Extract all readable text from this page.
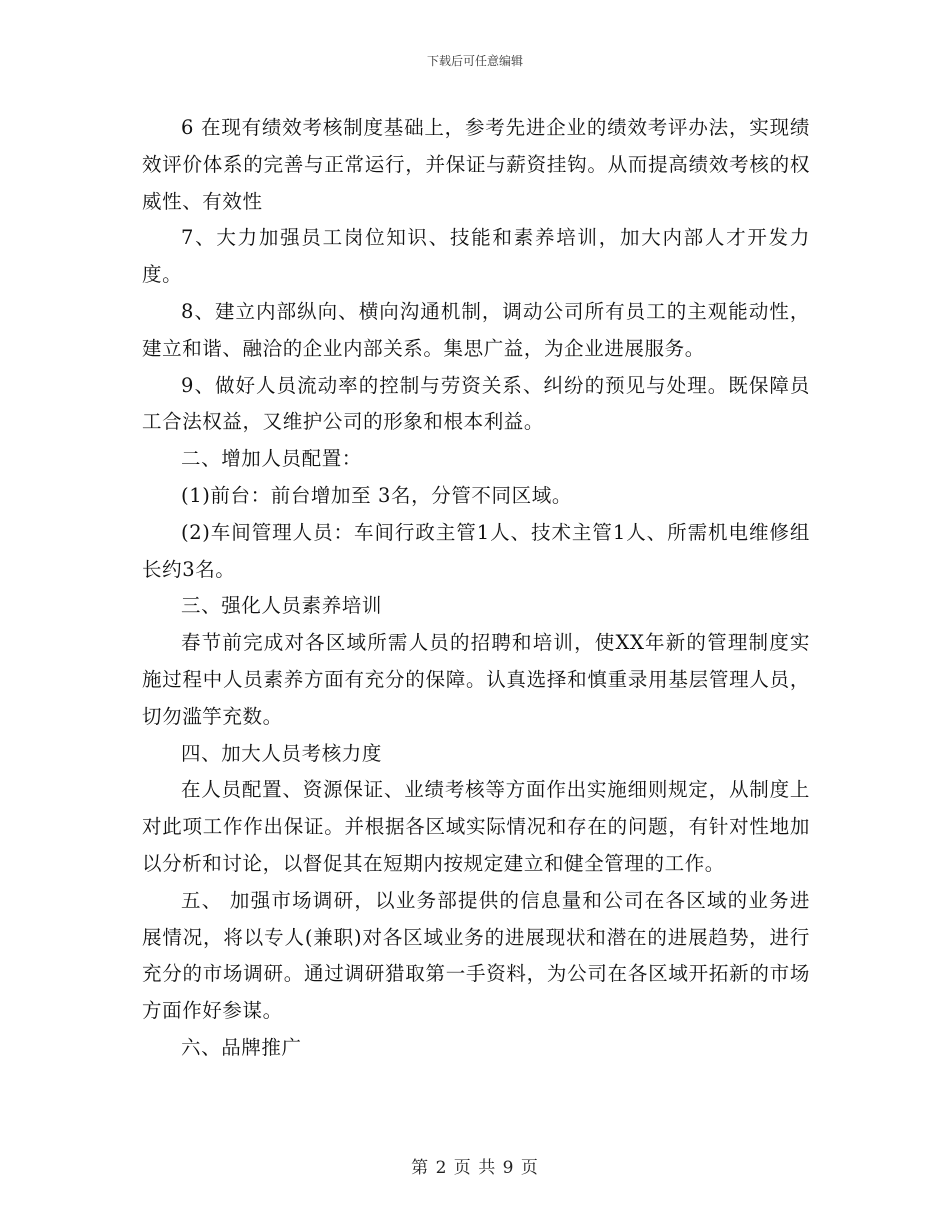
下载后可任意编辑

6 在现有绩效考核制度基础上，参考先进企业的绩效考评办法，实现绩效评价体系的完善与正常运行，并保证与薪资挂钩。从而提高绩效考核的权威性、有效性

7、大力加强员工岗位知识、技能和素养培训，加大内部人才开发力度。

8、建立内部纵向、横向沟通机制，调动公司所有员工的主观能动性，建立和谐、融洽的企业内部关系。集思广益，为企业进展服务。

9、做好人员流动率的控制与劳资关系、纠纷的预见与处理。既保障员工合法权益，又维护公司的形象和根本利益。

二、增加人员配置：

(1)前台：前台增加至 3名，分管不同区域。

(2)车间管理人员：车间行政主管1人、技术主管1人、所需机电维修组长约3名。

三、强化人员素养培训

春节前完成对各区域所需人员的招聘和培训，使XX年新的管理制度实施过程中人员素养方面有充分的保障。认真选择和慎重录用基层管理人员，切勿滥竽充数。

四、加大人员考核力度

在人员配置、资源保证、业绩考核等方面作出实施细则规定，从制度上对此项工作作出保证。并根据各区域实际情况和存在的问题，有针对性地加以分析和讨论，以督促其在短期内按规定建立和健全管理的工作。

五、 加强市场调研，以业务部提供的信息量和公司在各区域的业务进展情况，将以专人(兼职)对各区域业务的进展现状和潜在的进展趋势，进行充分的市场调研。通过调研猎取第一手资料，为公司在各区域开拓新的市场方面作好参谋。

六、品牌推广

第 2 页 共 9 页
